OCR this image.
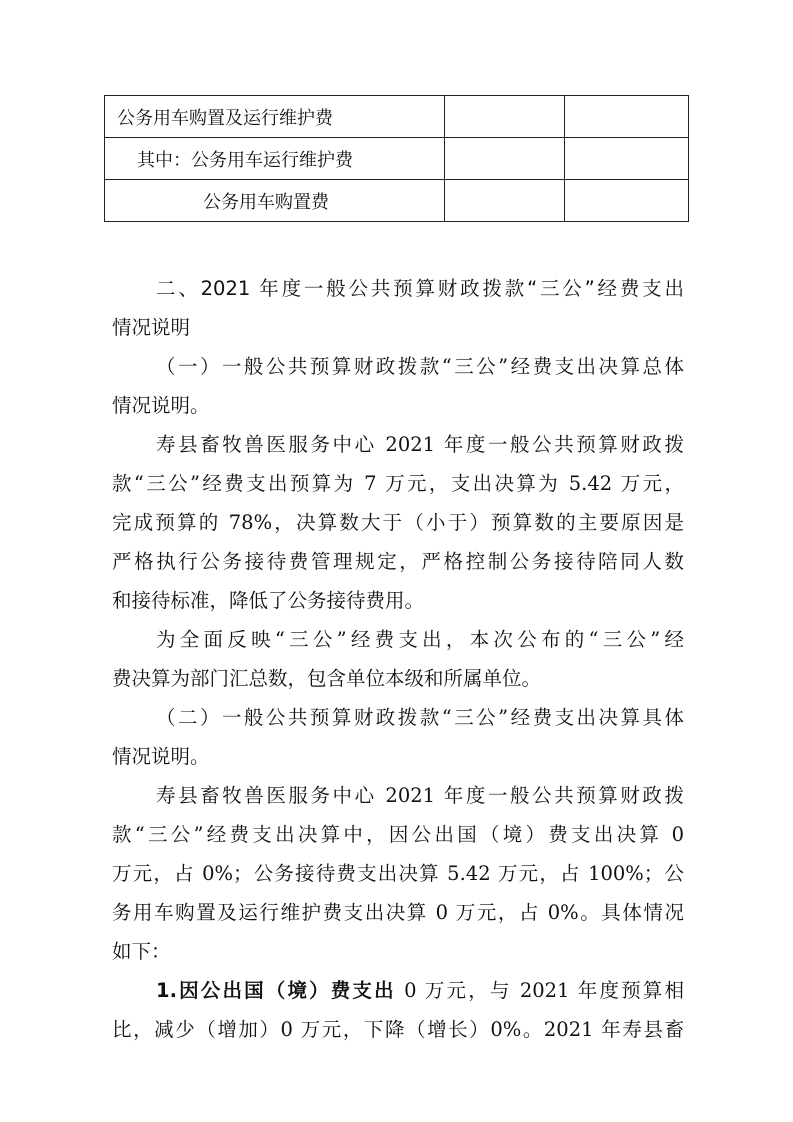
公务用车购置及运行维护费		
其中：公务用车运行维护费		
公务用车购置费		
二、2021 年度一般公共预算财政拨款“三公”经费支出
情况说明
（一）一般公共预算财政拨款“三公”经费支出决算总体
情况说明。
寿县畜牧兽医服务中心 2021 年度一般公共预算财政拨
款“三公”经费支出预算为 7 万元，支出决算为 5.42 万元，
完成预算的 78%，决算数大于（小于）预算数的主要原因是
严格执行公务接待费管理规定，严格控制公务接待陪同人数
和接待标准，降低了公务接待费用。
为全面反映“三公”经费支出，本次公布的“三公”经
费决算为部门汇总数，包含单位本级和所属单位。
（二）一般公共预算财政拨款“三公”经费支出决算具体
情况说明。
寿县畜牧兽医服务中心 2021 年度一般公共预算财政拨
款“三公”经费支出决算中，因公出国（境）费支出决算 0
万元，占 0%；公务接待费支出决算 5.42 万元，占 100%；公
务用车购置及运行维护费支出决算 0 万元，占 0%。具体情况
如下：
1.因公出国（境）费支出 0 万元，与 2021 年度预算相
比，减少（增加）0 万元，下降（增长）0%。2021 年寿县畜
